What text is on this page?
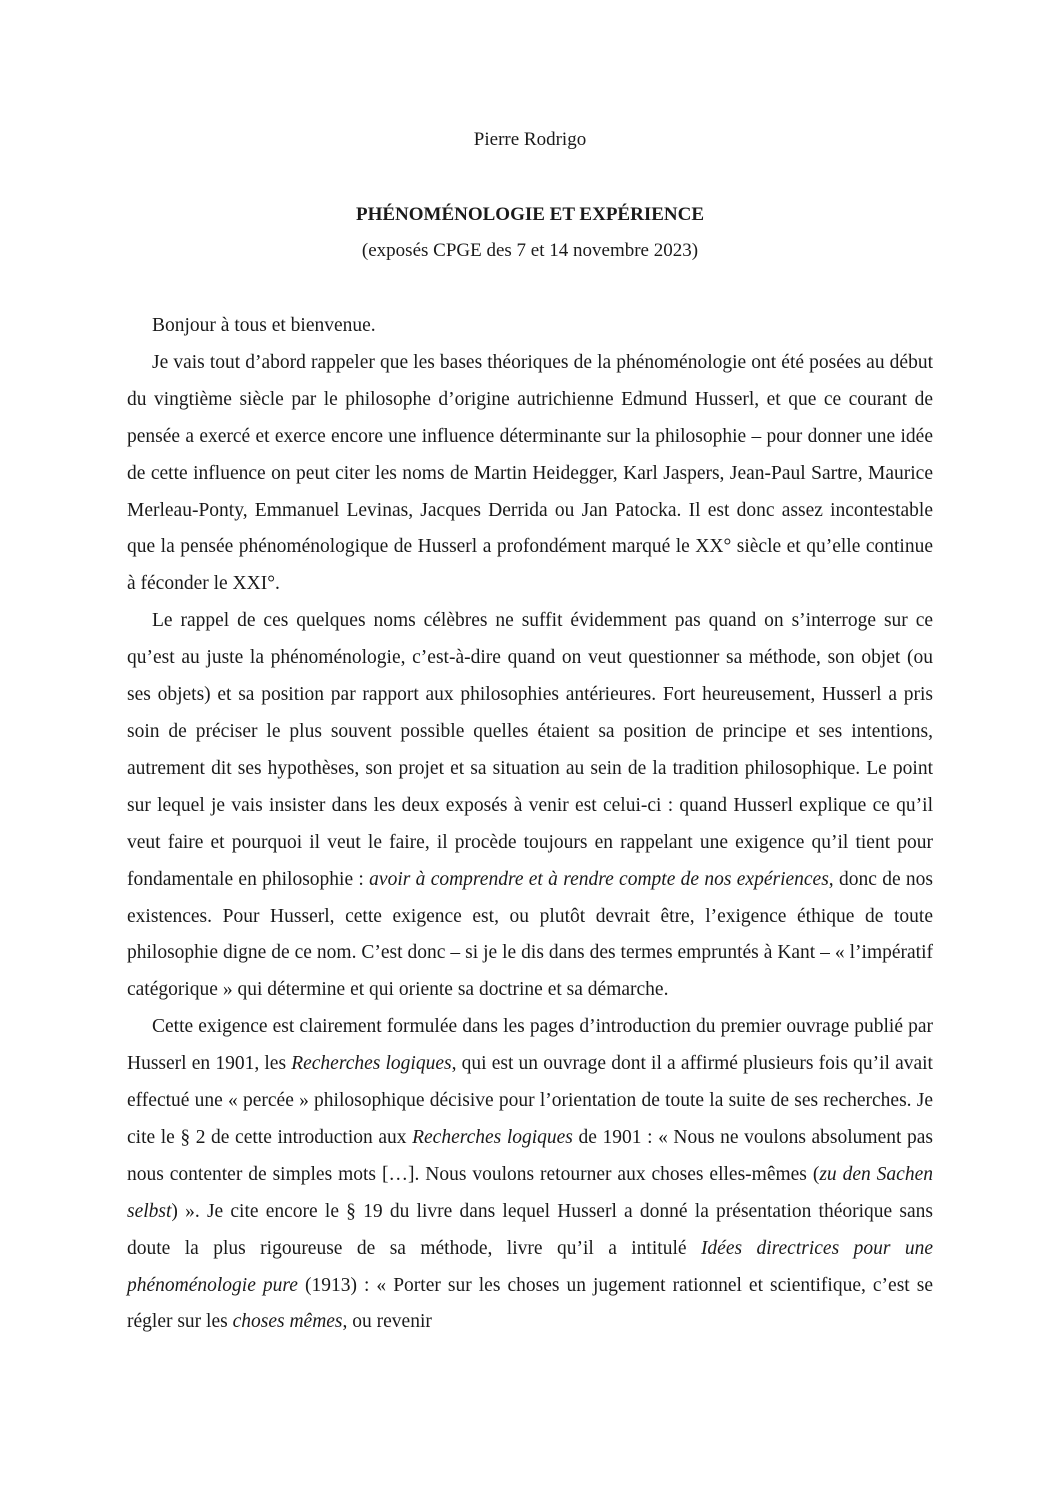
Pierre Rodrigo
PHÉNOMÉNOLOGIE ET EXPÉRIENCE
(exposés CPGE des 7 et 14 novembre 2023)

Bonjour à tous et bienvenue.

Je vais tout d’abord rappeler que les bases théoriques de la phénoménologie ont été posées au début du vingtième siècle par le philosophe d’origine autrichienne Edmund Husserl, et que ce courant de pensée a exercé et exerce encore une influence déterminante sur la philosophie – pour donner une idée de cette influence on peut citer les noms de Martin Heidegger, Karl Jaspers, Jean-Paul Sartre, Maurice Merleau-Ponty, Emmanuel Levinas, Jacques Derrida ou Jan Patocka. Il est donc assez incontestable que la pensée phénoménologique de Husserl a profondément marqué le XX° siècle et qu’elle continue à féconder le XXI°.

Le rappel de ces quelques noms célèbres ne suffit évidemment pas quand on s’interroge sur ce qu’est au juste la phénoménologie, c’est-à-dire quand on veut questionner sa méthode, son objet (ou ses objets) et sa position par rapport aux philosophies antérieures. Fort heureusement, Husserl a pris soin de préciser le plus souvent possible quelles étaient sa position de principe et ses intentions, autrement dit ses hypothèses, son projet et sa situation au sein de la tradition philosophique. Le point sur lequel je vais insister dans les deux exposés à venir est celui-ci : quand Husserl explique ce qu’il veut faire et pourquoi il veut le faire, il procède toujours en rappelant une exigence qu’il tient pour fondamentale en philosophie : avoir à comprendre et à rendre compte de nos expériences, donc de nos existences. Pour Husserl, cette exigence est, ou plutôt devrait être, l’exigence éthique de toute philosophie digne de ce nom. C’est donc – si je le dis dans des termes empruntés à Kant – « l’impératif catégorique » qui détermine et qui oriente sa doctrine et sa démarche.

Cette exigence est clairement formulée dans les pages d’introduction du premier ouvrage publié par Husserl en 1901, les Recherches logiques, qui est un ouvrage dont il a affirmé plusieurs fois qu’il avait effectué une « percée » philosophique décisive pour l’orientation de toute la suite de ses recherches. Je cite le § 2 de cette introduction aux Recherches logiques de 1901 : « Nous ne voulons absolument pas nous contenter de simples mots […]. Nous voulons retourner aux choses elles-mêmes (zu den Sachen selbst) ». Je cite encore le § 19 du livre dans lequel Husserl a donné la présentation théorique sans doute la plus rigoureuse de sa méthode, livre qu’il a intitulé Idées directrices pour une phénoménologie pure (1913) : « Porter sur les choses un jugement rationnel et scientifique, c’est se régler sur les choses mêmes, ou revenir
